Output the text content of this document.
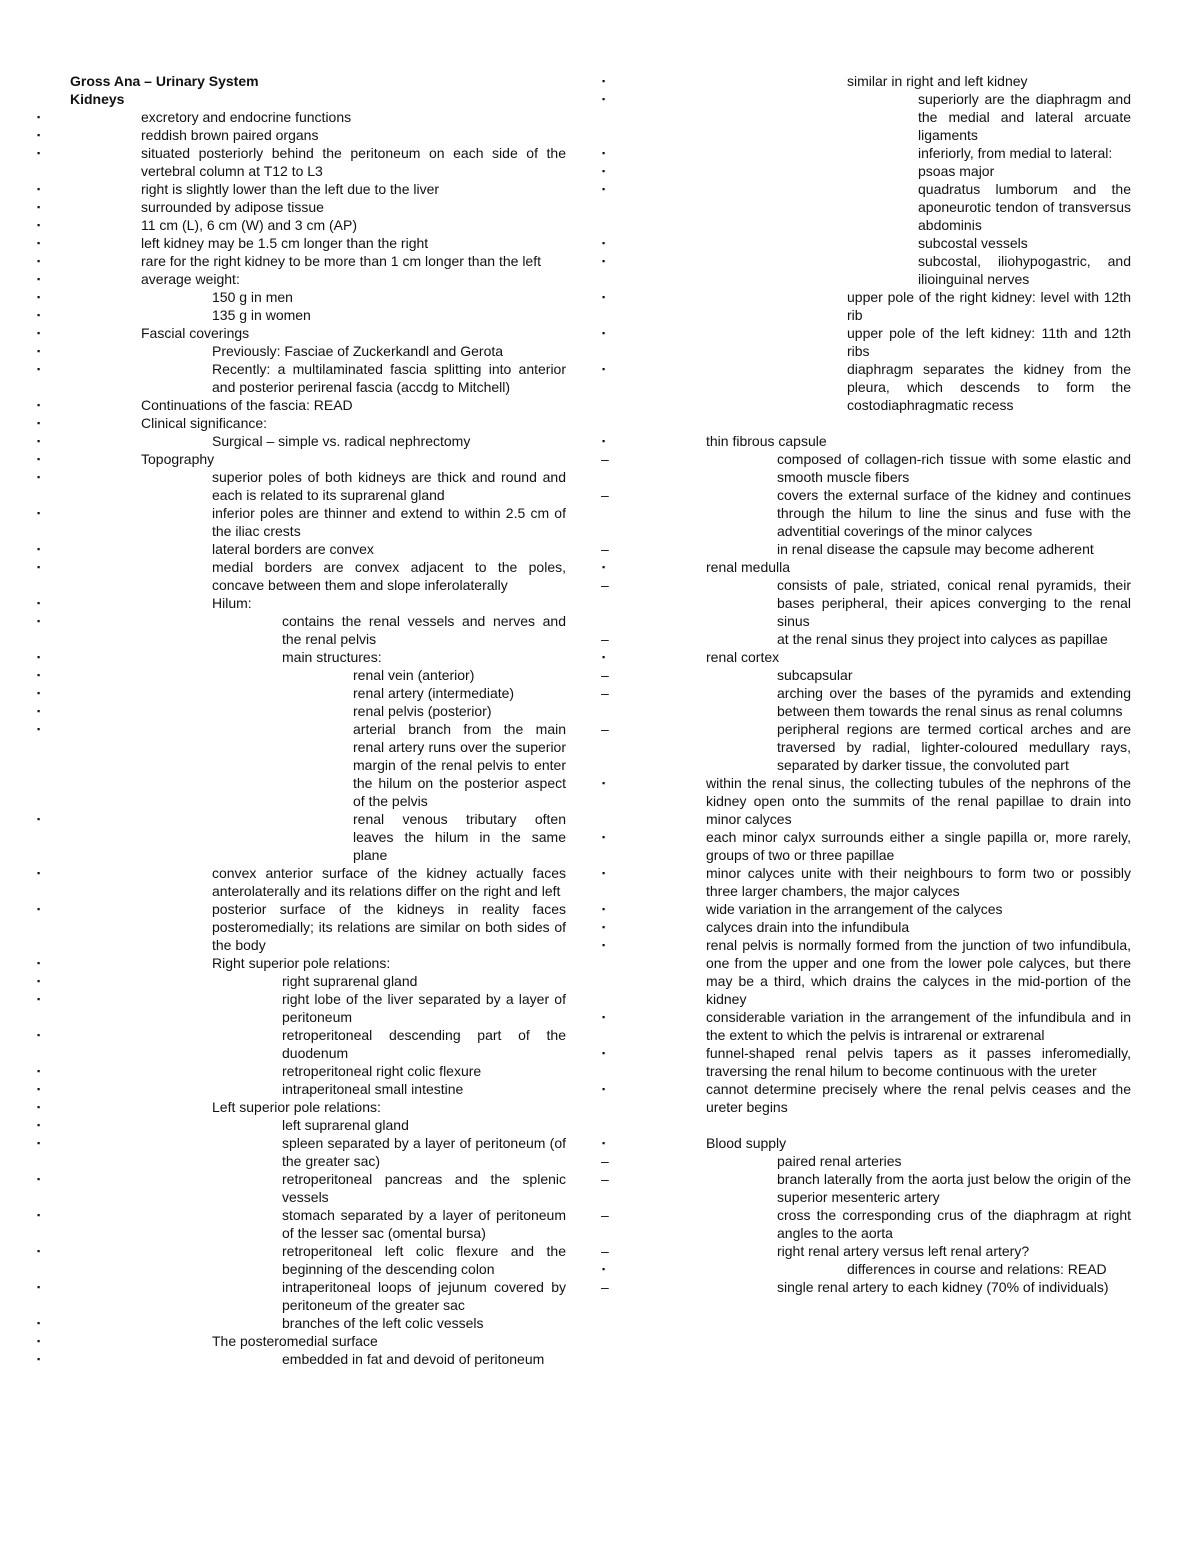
Gross Ana – Urinary System
Kidneys
▪ excretory and endocrine functions
▪ reddish brown paired organs
▪ situated posteriorly behind the peritoneum on each side of the vertebral column at T12 to L3
▪ right is slightly lower than the left due to the liver
▪ surrounded by adipose tissue
▪ 11 cm (L), 6 cm (W) and 3 cm (AP)
▪ left kidney may be 1.5 cm longer than the right
▪ rare for the right kidney to be more than 1 cm longer than the left
▪ average weight:
▪ 150 g in men
▪ 135 g in women
▪ Fascial coverings
▪ Previously: Fasciae of Zuckerkandl and Gerota
▪ Recently: a multilaminated fascia splitting into anterior and posterior perirenal fascia (accdg to Mitchell)
▪ Continuations of the fascia: READ
▪ Clinical significance:
▪ Surgical – simple vs. radical nephrectomy
▪ Topography
▪ superior poles of both kidneys are thick and round and each is related to its suprarenal gland
▪ inferior poles are thinner and extend to within 2.5 cm of the iliac crests
▪ lateral borders are convex
▪ medial borders are convex adjacent to the poles, concave between them and slope inferolaterally
▪ Hilum:
▪ contains the renal vessels and nerves and the renal pelvis
▪ main structures:
▪ renal vein (anterior)
▪ renal artery (intermediate)
▪ renal pelvis (posterior)
▪ arterial branch from the main renal artery runs over the superior margin of the renal pelvis to enter the hilum on the posterior aspect of the pelvis
▪ renal venous tributary often leaves the hilum in the same plane
▪ convex anterior surface of the kidney actually faces anterolaterally and its relations differ on the right and left
▪ posterior surface of the kidneys in reality faces posteromedially; its relations are similar on both sides of the body
▪ Right superior pole relations:
▪ right suprarenal gland
▪ right lobe of the liver separated by a layer of peritoneum
▪ retroperitoneal descending part of the duodenum
▪ retroperitoneal right colic flexure
▪ intraperitoneal small intestine
▪ Left superior pole relations:
▪ left suprarenal gland
▪ spleen separated by a layer of peritoneum (of the greater sac)
▪ retroperitoneal pancreas and the splenic vessels
▪ stomach separated by a layer of peritoneum of the lesser sac (omental bursa)
▪ retroperitoneal left colic flexure and the beginning of the descending colon
▪ intraperitoneal loops of jejunum covered by peritoneum of the greater sac
▪ branches of the left colic vessels
▪ The posteromedial surface
▪ embedded in fat and devoid of peritoneum
▪ similar in right and left kidney
▪ superiorly are the diaphragm and the medial and lateral arcuate ligaments
▪ inferiorly, from medial to lateral:
▪ psoas major
▪ quadratus lumborum and the aponeurotic tendon of transversus abdominis
▪ subcostal vessels
▪ subcostal, iliohypogastric, and ilioinguinal nerves
▪ upper pole of the right kidney: level with 12th rib
▪ upper pole of the left kidney: 11th and 12th ribs
▪ diaphragm separates the kidney from the pleura, which descends to form the costodiaphragmatic recess
▪ thin fibrous capsule
– composed of collagen-rich tissue with some elastic and smooth muscle fibers
– covers the external surface of the kidney and continues through the hilum to line the sinus and fuse with the adventitial coverings of the minor calyces
– in renal disease the capsule may become adherent
▪ renal medulla
– consists of pale, striated, conical renal pyramids, their bases peripheral, their apices converging to the renal sinus
– at the renal sinus they project into calyces as papillae
▪ renal cortex
– subcapsular
– arching over the bases of the pyramids and extending between them towards the renal sinus as renal columns
– peripheral regions are termed cortical arches and are traversed by radial, lighter-coloured medullary rays, separated by darker tissue, the convoluted part
▪ within the renal sinus, the collecting tubules of the nephrons of the kidney open onto the summits of the renal papillae to drain into minor calyces
▪ each minor calyx surrounds either a single papilla or, more rarely, groups of two or three papillae
▪ minor calyces unite with their neighbours to form two or possibly three larger chambers, the major calyces
▪ wide variation in the arrangement of the calyces
▪ calyces drain into the infundibula
▪ renal pelvis is normally formed from the junction of two infundibula, one from the upper and one from the lower pole calyces, but there may be a third, which drains the calyces in the mid-portion of the kidney
▪ considerable variation in the arrangement of the infundibula and in the extent to which the pelvis is intrarenal or extrarenal
▪ funnel-shaped renal pelvis tapers as it passes inferomedially, traversing the renal hilum to become continuous with the ureter
▪ cannot determine precisely where the renal pelvis ceases and the ureter begins
▪ Blood supply
– paired renal arteries
– branch laterally from the aorta just below the origin of the superior mesenteric artery
– cross the corresponding crus of the diaphragm at right angles to the aorta
– right renal artery versus left renal artery?
▪ differences in course and relations: READ
– single renal artery to each kidney (70% of individuals)
